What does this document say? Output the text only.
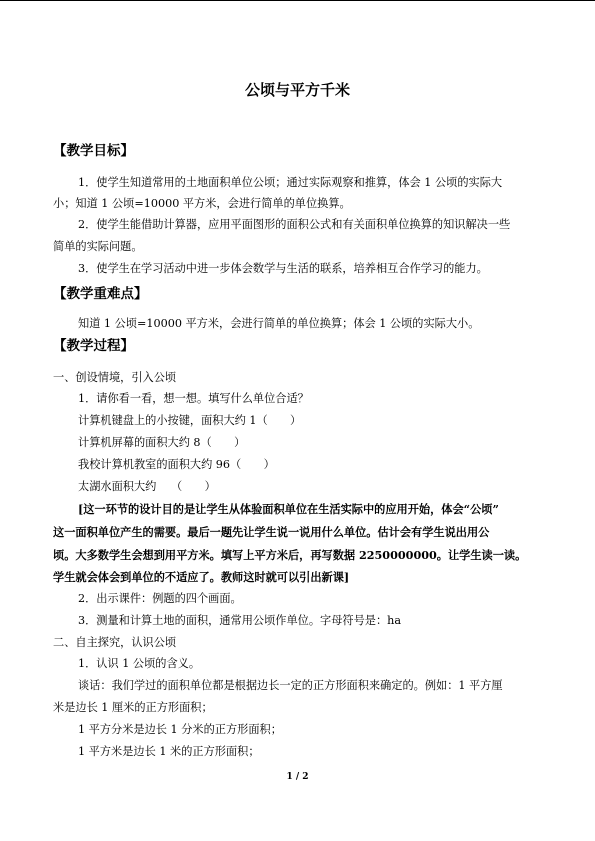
公顷与平方千米
【教学目标】
1．使学生知道常用的土地面积单位公顷；通过实际观察和推算，体会 1 公顷的实际大
小；知道 1 公顷=10000 平方米，会进行简单的单位换算。
2．使学生能借助计算器，应用平面图形的面积公式和有关面积单位换算的知识解决一些
简单的实际问题。
3．使学生在学习活动中进一步体会数学与生活的联系，培养相互合作学习的能力。
【教学重难点】
知道 1 公顷=10000 平方米，会进行简单的单位换算；体会 1 公顷的实际大小。
【教学过程】
一、创设情境，引入公顷
1．请你看一看，想一想。填写什么单位合适？
计算机键盘上的小按键，面积大约 1（　　）
计算机屏幕的面积大约 8（　　）
我校计算机教室的面积大约 96（　　）
太湖水面积大约　 （　　）
[这一环节的设计目的是让学生从体验面积单位在生活实际中的应用开始，体会“公顷”
这一面积单位产生的需要。最后一题先让学生说一说用什么单位。估计会有学生说出用公
顷。大多数学生会想到用平方米。填写上平方米后，再写数据 2250000000。让学生读一读。
学生就会体会到单位的不适应了。教师这时就可以引出新课]
2．出示课件：例题的四个画面。
3．测量和计算土地的面积，通常用公顷作单位。字母符号是：ha
二、自主探究，认识公顷
1．认识 1 公顷的含义。
谈话：我们学过的面积单位都是根据边长一定的正方形面积来确定的。例如：1 平方厘
米是边长 1 厘米的正方形面积；
1 平方分米是边长 1 分米的正方形面积；
1 平方米是边长 1 米的正方形面积；
1 / 2
